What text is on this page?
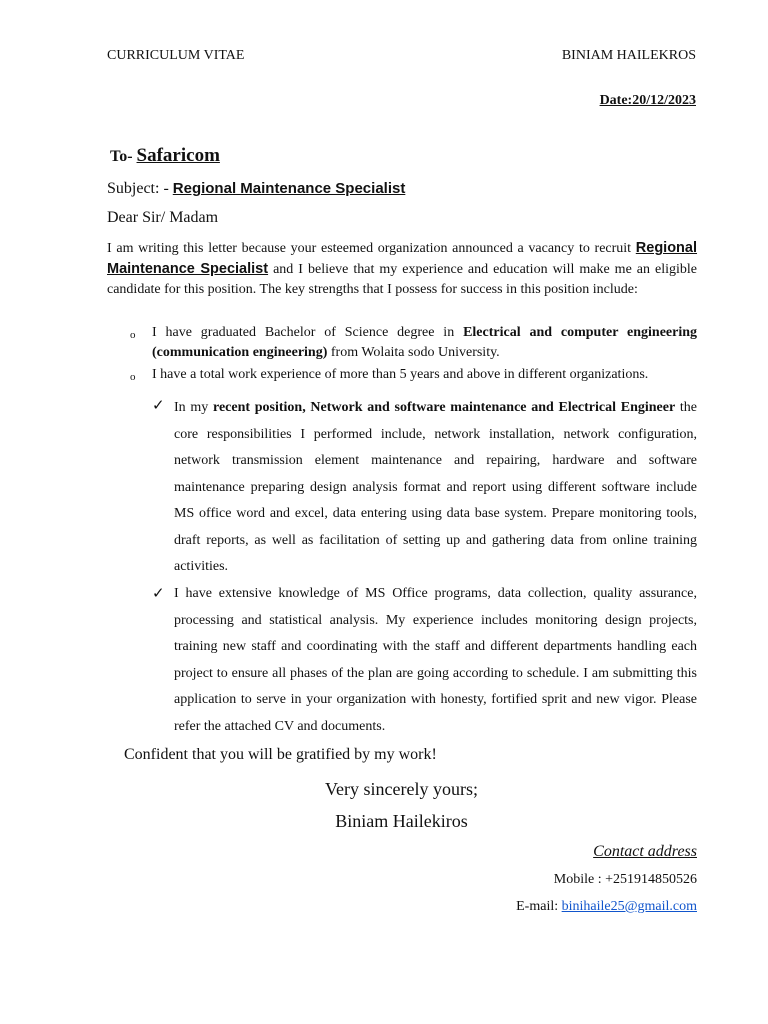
CURRICULUM VITAE	BINIAM HAILEKROS
Date:20/12/2023
To- Safaricom
Subject: - Regional Maintenance Specialist
Dear Sir/ Madam
I am writing this letter because your esteemed organization announced a vacancy to recruit Regional Maintenance Specialist and I believe that my experience and education will make me an eligible candidate for this position. The key strengths that I possess for success in this position include:
o I have graduated Bachelor of Science degree in Electrical and computer engineering (communication engineering) from Wolaita sodo University.
o I have a total work experience of more than 5 years and above in different organizations.
✓ In my recent position, Network and software maintenance and Electrical Engineer the core responsibilities I performed include, network installation, network configuration, network transmission element maintenance and repairing, hardware and software maintenance preparing design analysis format and report using different software include MS office word and excel, data entering using data base system. Prepare monitoring tools, draft reports, as well as facilitation of setting up and gathering data from online training activities.
✓ I have extensive knowledge of MS Office programs, data collection, quality assurance, processing and statistical analysis. My experience includes monitoring design projects, training new staff and coordinating with the staff and different departments handling each project to ensure all phases of the plan are going according to schedule. I am submitting this application to serve in your organization with honesty, fortified sprit and new vigor. Please refer the attached CV and documents.
Confident that you will be gratified by my work!
Very sincerely yours;
Biniam Hailekiros
Contact address
Mobile : +251914850526
E-mail: binihaile25@gmail.com
